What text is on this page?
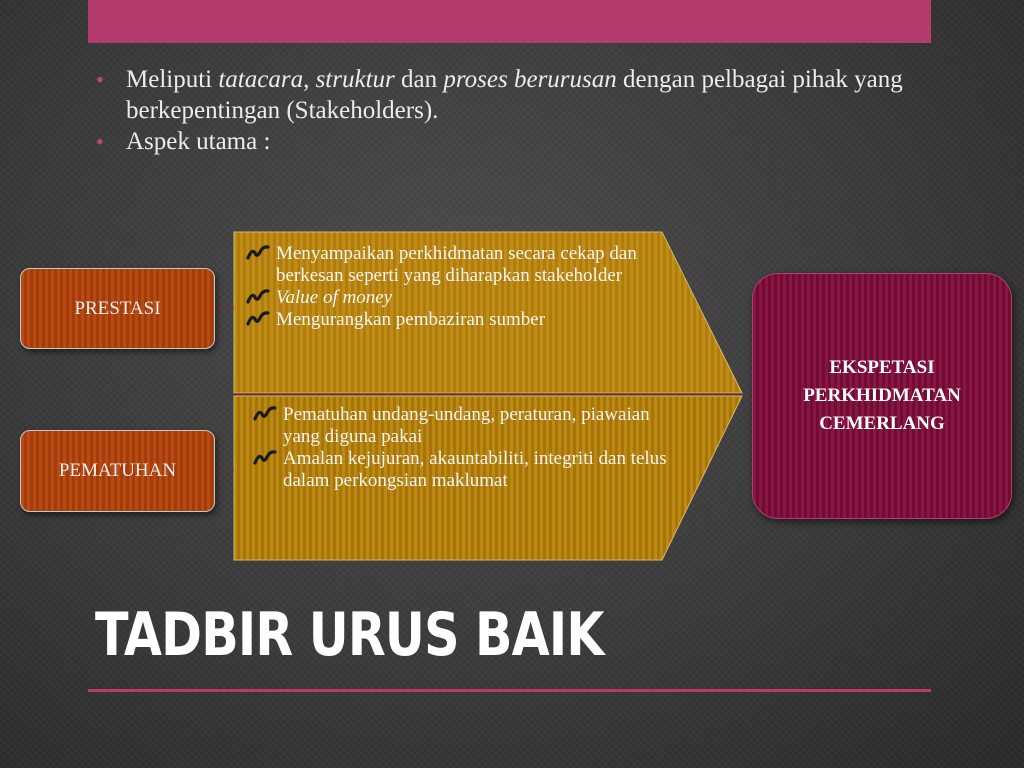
• Meliputi tatacara, struktur dan proses berurusan dengan pelbagai pihak yang berkepentingan (Stakeholders).
• Aspek utama :
PRESTASI
PEMATUHAN
Menyampaikan perkhidmatan secara cekap dan berkesan seperti yang diharapkan stakeholder
Value of money
Mengurangkan pembaziran sumber
Pematuhan undang-undang, peraturan, piawaian yang diguna pakai
Amalan kejujuran, akauntabiliti, integriti dan telus dalam perkongsian maklumat
EKSPETASI
PERKHIDMATAN
CEMERLANG
TADBIR URUS BAIK
